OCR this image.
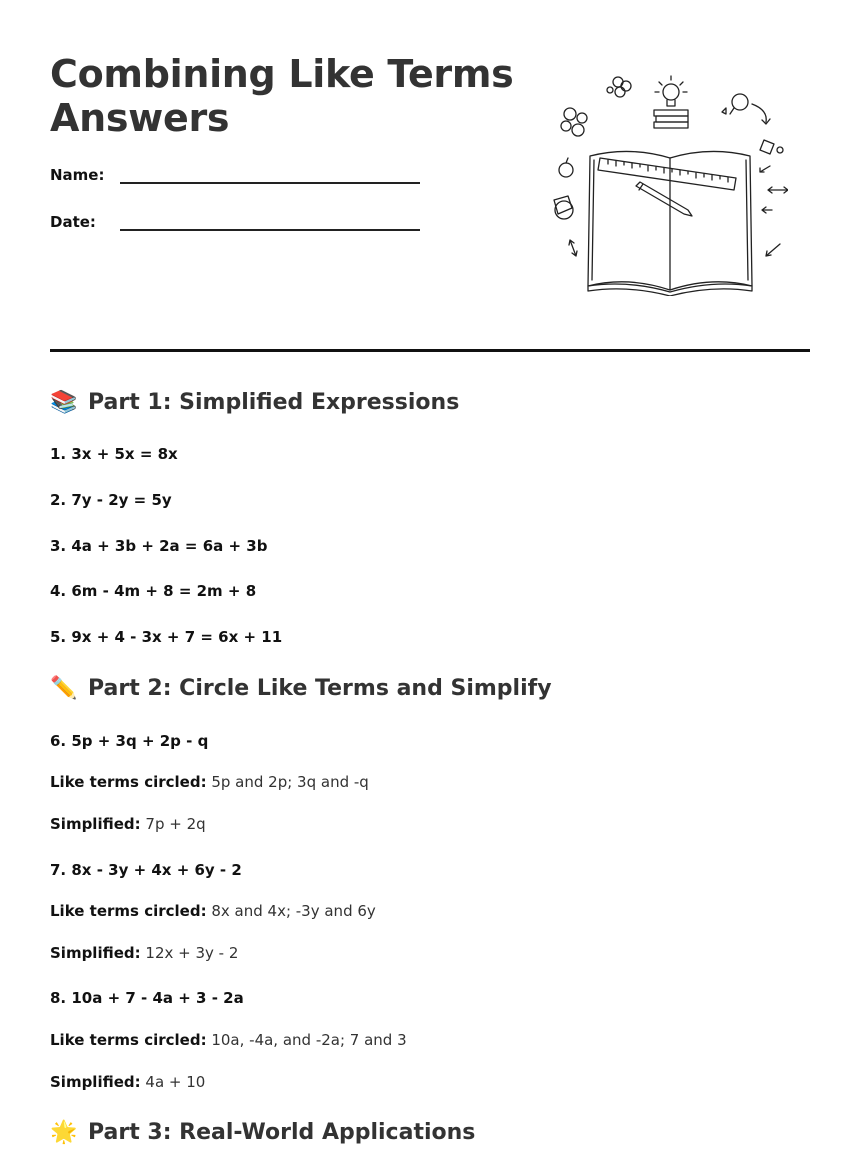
Combining Like Terms
Answers
Name:
Date:
📚 Part 1: Simplified Expressions
1. 3x + 5x = 8x
2. 7y - 2y = 5y
3. 4a + 3b + 2a = 6a + 3b
4. 6m - 4m + 8 = 2m + 8
5. 9x + 4 - 3x + 7 = 6x + 11
✏️ Part 2: Circle Like Terms and Simplify
6. 5p + 3q + 2p - q
Like terms circled: 5p and 2p; 3q and -q
Simplified: 7p + 2q
7. 8x - 3y + 4x + 6y - 2
Like terms circled: 8x and 4x; -3y and 6y
Simplified: 12x + 3y - 2
8. 10a + 7 - 4a + 3 - 2a
Like terms circled: 10a, -4a, and -2a; 7 and 3
Simplified: 4a + 10
🌟 Part 3: Real-World Applications
